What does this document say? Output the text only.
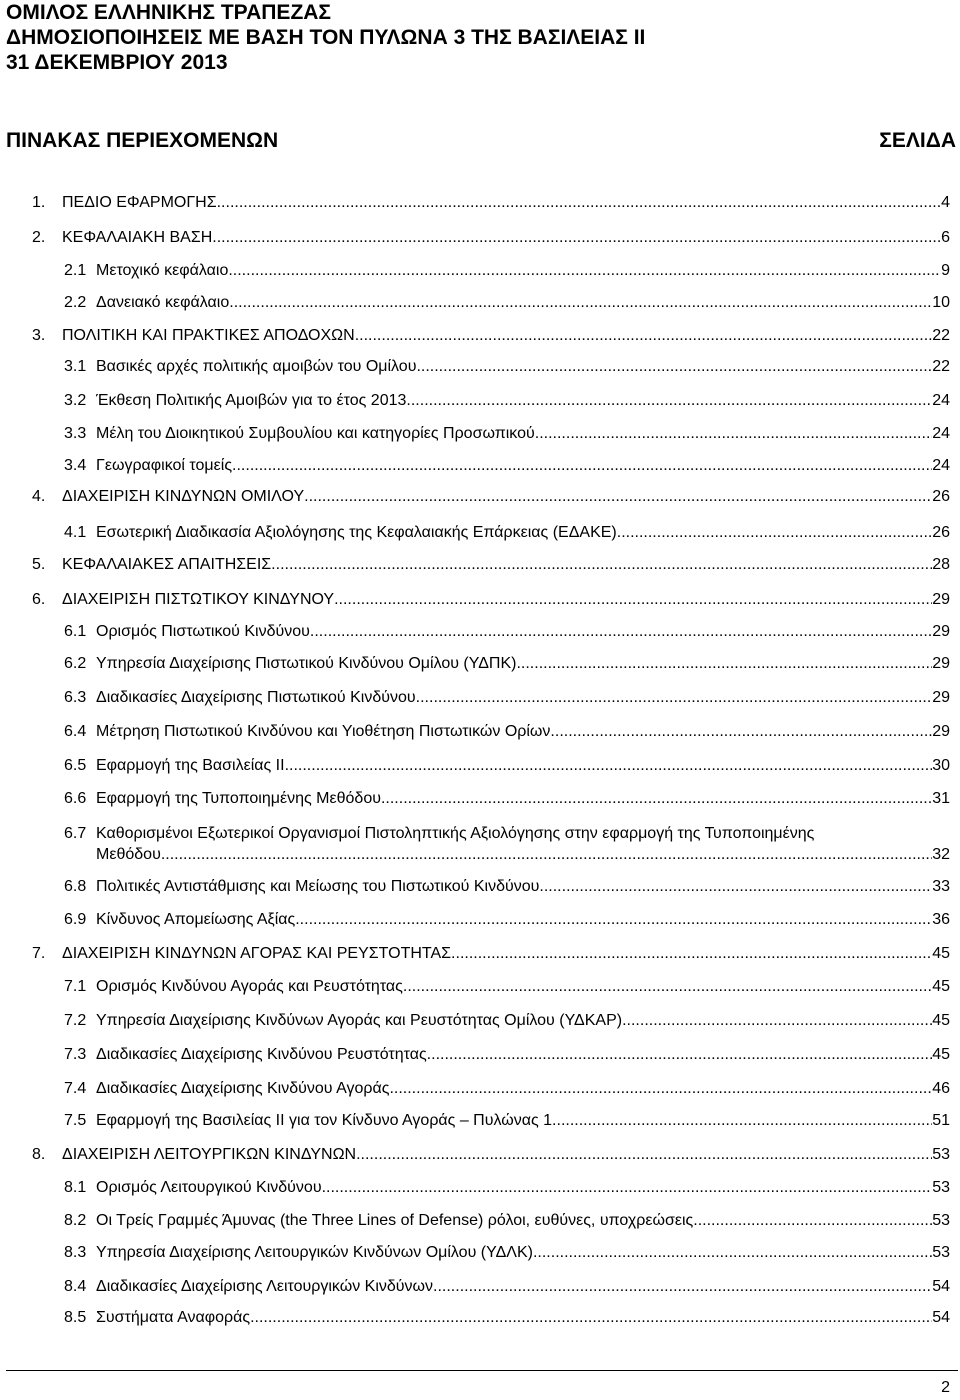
ΟΜΙΛΟΣ ΕΛΛΗΝΙΚΗΣ ΤΡΑΠΕΖΑΣ
ΔΗΜΟΣΙΟΠΟΙΗΣΕΙΣ ΜΕ ΒΑΣΗ ΤΟΝ ΠΥΛΩΝΑ 3 ΤΗΣ ΒΑΣΙΛΕΙΑΣ ΙΙ
31 ΔΕΚΕΜΒΡΙΟΥ 2013
ΠΙΝΑΚΑΣ ΠΕΡΙΕΧΟΜΕΝΩΝ	ΣΕΛΙΔΑ
1. ΠΕΔΙΟ ΕΦΑΡΜΟΓΗΣ .....	4
2. ΚΕΦΑΛΑΙΑΚΗ ΒΑΣΗ .....	6
2.1 Μετοχικό κεφάλαιο .....	9
2.2 Δανειακό κεφάλαιο .....	10
3. ΠΟΛΙΤΙΚΗ ΚΑΙ ΠΡΑΚΤΙΚΕΣ ΑΠΟΔΟΧΩΝ. .....	22
3.1 Βασικές αρχές πολιτικής αμοιβών του Ομίλου .....	22
3.2 Έκθεση Πολιτικής Αμοιβών για το έτος 2013 .....	24
3.3 Μέλη του Διοικητικού Συμβουλίου και κατηγορίες Προσωπικού .....	24
3.4 Γεωγραφικοί τομείς .....	24
4. ΔΙΑΧΕΙΡΙΣΗ ΚΙΝΔΥΝΩΝ ΟΜΙΛΟΥ .....	26
4.1 Εσωτερική Διαδικασία Αξιολόγησης της Κεφαλαιακής Επάρκειας (ΕΔΑΚΕ). .....	26
5. ΚΕΦΑΛΑΙΑΚΕΣ ΑΠΑΙΤΗΣΕΙΣ .....	28
6. ΔΙΑΧΕΙΡΙΣΗ ΠΙΣΤΩΤΙΚΟΥ ΚΙΝΔΥΝΟΥ .....	29
6.1 Ορισμός Πιστωτικού Κινδύνου .....	29
6.2 Υπηρεσία Διαχείρισης Πιστωτικού Κινδύνου Ομίλου (ΥΔΠΚ) .....	29
6.3 Διαδικασίες Διαχείρισης Πιστωτικού Κινδύνου .....	29
6.4 Μέτρηση Πιστωτικού Κινδύνου και Υιοθέτηση Πιστωτικών Ορίων .....	29
6.5 Εφαρμογή της Βασιλείας ΙΙ .....	30
6.6 Εφαρμογή της Τυποποιημένης Μεθόδου .....	31
6.7 Καθορισμένοι Εξωτερικοί Οργανισμοί Πιστοληπτικής Αξιολόγησης στην εφαρμογή της Τυποποιημένης
Μεθόδου .....	32
6.8 Πολιτικές Αντιστάθμισης και Μείωσης του Πιστωτικού Κινδύνου .....	33
6.9 Κίνδυνος Απομείωσης Αξίας .....	36
7. ΔΙΑΧΕΙΡΙΣΗ ΚΙΝΔΥΝΩΝ ΑΓΟΡΑΣ ΚΑΙ ΡΕΥΣΤΟΤΗΤΑΣ. .....	45
7.1 Ορισμός Κινδύνου Αγοράς και Ρευστότητας .....	45
7.2 Υπηρεσία Διαχείρισης Κινδύνων Αγοράς και Ρευστότητας Ομίλου (ΥΔΚΑΡ) .....	45
7.3 Διαδικασίες Διαχείρισης Κινδύνου Ρευστότητας. .....	45
7.4 Διαδικασίες Διαχείρισης Κινδύνου Αγοράς. .....	46
7.5 Εφαρμογή της Βασιλείας ΙΙ για τον Κίνδυνο Αγοράς – Πυλώνας 1 .....	51
8. ΔΙΑΧΕΙΡΙΣΗ ΛΕΙΤΟΥΡΓΙΚΩΝ ΚΙΝΔΥΝΩΝ .....	53
8.1 Ορισμός Λειτουργικού Κινδύνου .....	53
8.2 Οι Τρείς Γραμμές Άμυνας (the Three Lines of Defense) ρόλοι, ευθύνες, υποχρεώσεις .....	53
8.3 Υπηρεσία Διαχείρισης Λειτουργικών Κινδύνων Ομίλου (ΥΔΛΚ) .....	53
8.4 Διαδικασίες Διαχείρισης Λειτουργικών Κινδύνων .....	54
8.5 Συστήματα Αναφοράς .....	54
2
